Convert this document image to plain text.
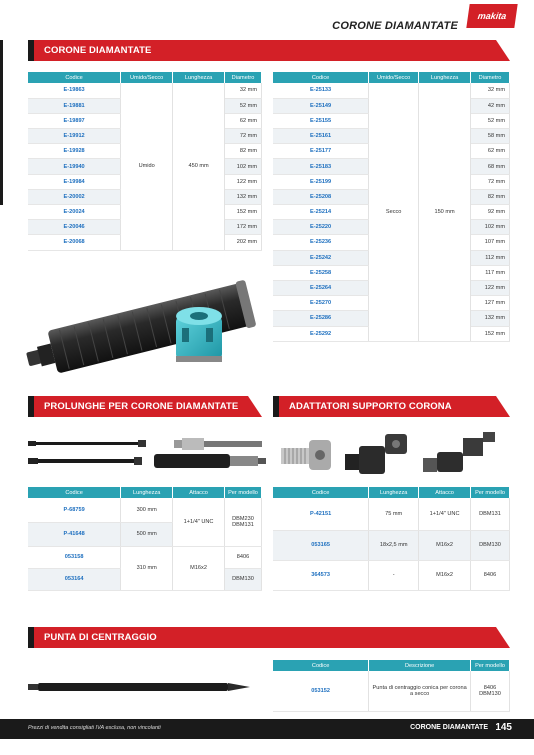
CORONE DIAMANTATE
makita
CORONE DIAMANTATE
Codice	Umido/Secco	Lunghezza	Diametro
E-19863	Umido	450 mm	32 mm
E-19881			52 mm
E-19897			62 mm
E-19912			72 mm
E-19928			82 mm
E-19940			102 mm
E-19984			122 mm
E-20002			132 mm
E-20024			152 mm
E-20046			172 mm
E-20068			202 mm
Codice	Umido/Secco	Lunghezza	Diametro
E-25133	Secco	150 mm	32 mm
E-25149			42 mm
E-25155			52 mm
E-25161			58 mm
E-25177			62 mm
E-25183			68 mm
E-25199			72 mm
E-25208			82 mm
E-25214			92 mm
E-25220			102 mm
E-25236			107 mm
E-25242			112 mm
E-25258			117 mm
E-25264			122 mm
E-25270			127 mm
E-25286			132 mm
E-25292			152 mm
PROLUNGHE PER CORONE DIAMANTATE
Codice	Lunghezza	Attacco	Per modello
P-68759	300 mm	1+1/4" UNC	DBM230 DBM131
P-41648	500 mm		
053158	310 mm	M16x2	8406
053164			DBM130
ADATTATORI SUPPORTO CORONA
Codice	Lunghezza	Attacco	Per modello
P-42151	75 mm	1+1/4" UNC	DBM131
053165	18x2,5 mm	M16x2	DBM130
364573	-	M16x2	8406
PUNTA DI CENTRAGGIO
Codice	Descrizione	Per modello
053152	Punta di centraggio conica per corona a secco	8406 DBM130
Prezzi di vendita consigliati IVA esclusa, non vincolanti	CORONE DIAMANTATE 145
